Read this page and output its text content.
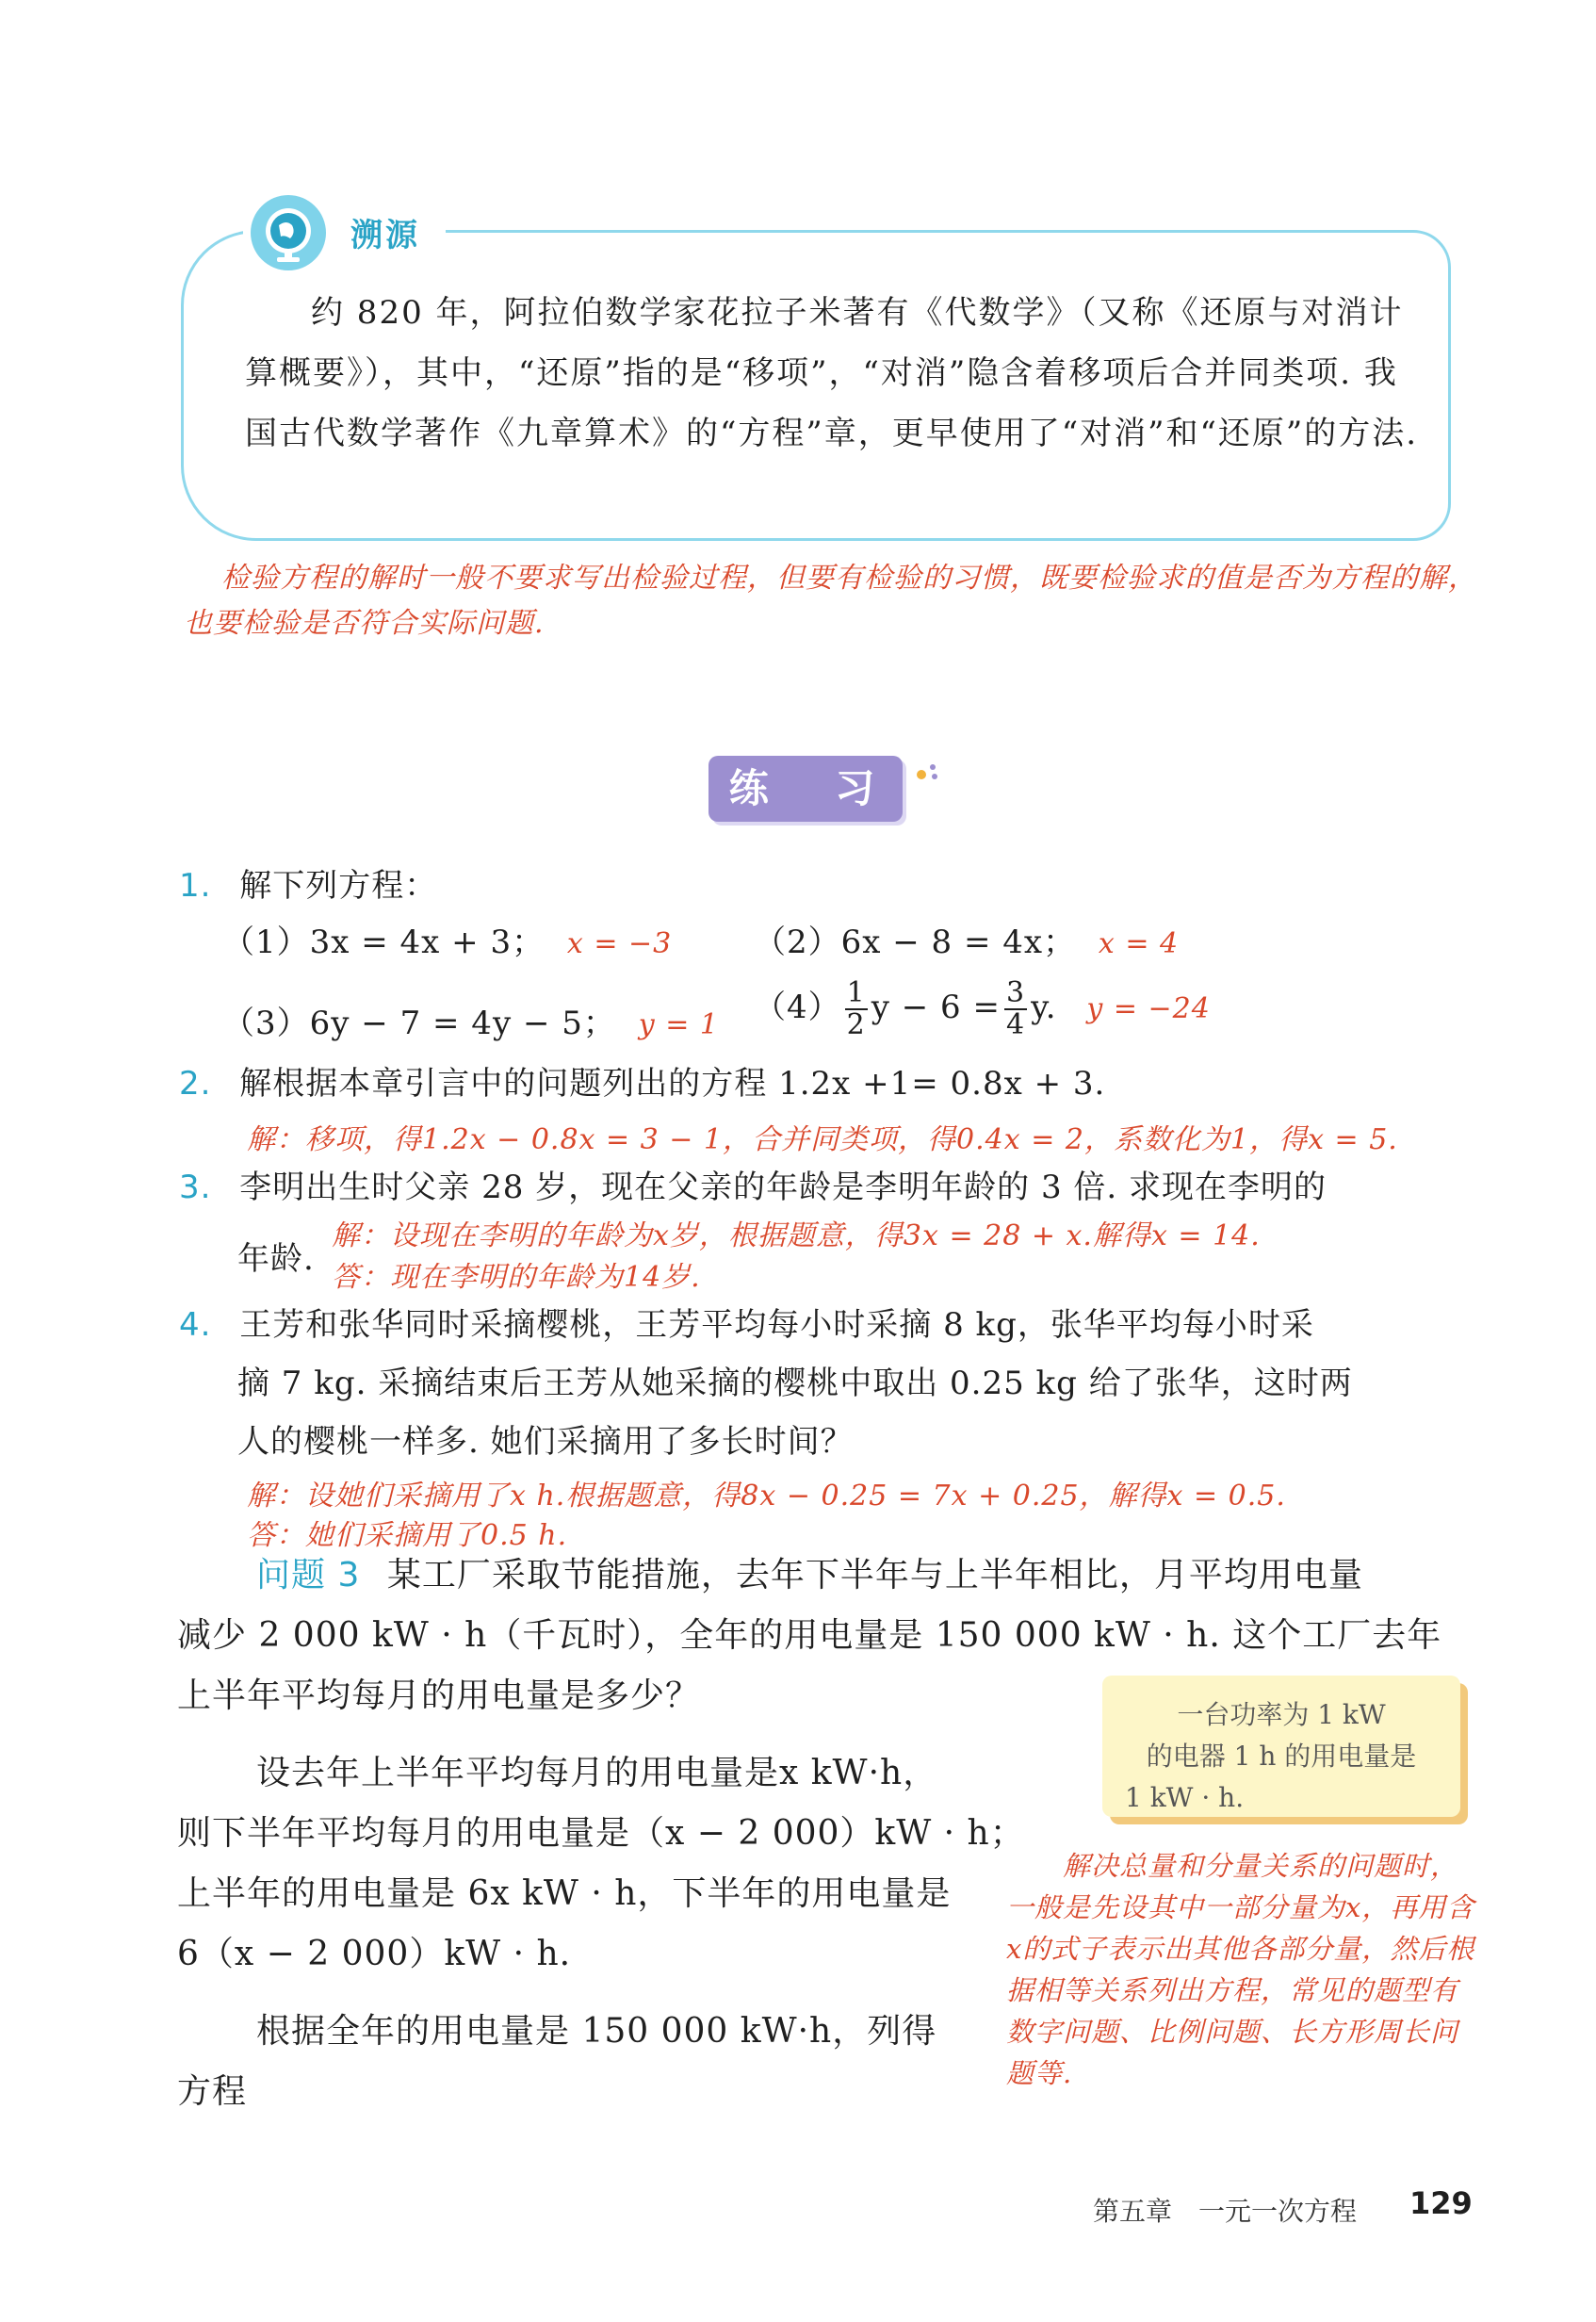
溯源
约 820 年，阿拉伯数学家花拉子米著有《代数学》（又称《还原与对消计算概要》），其中，“还原”指的是“移项”，“对消”隐含着移项后合并同类项. 我国古代数学著作《九章算术》的“方程”章，更早使用了“对消”和“还原”的方法.
检验方程的解时一般不要求写出检验过程，但要有检验的习惯，既要检验求的值是否为方程的解，也要检验是否符合实际问题.
练 习
1. 解下列方程：
（1）3x = 4x + 3； x = −3	（2）6x − 8 = 4x； x = 4
（3）6y − 7 = 4y − 5； y = 1 $(4) \frac{1}{2}$ $y - 6 = \frac{3}{4} y$. y = −24
2. 解根据本章引言中的问题列出的方程 1.2x +1= 0.8x + 3.
解：移项，得1.2x − 0.8x = 3 − 1，合并同类项，得0.4x = 2，系数化为1，得x = 5.
3. 李明出生时父亲 28 岁，现在父亲的年龄是李明年龄的 3 倍. 求现在李明的
年龄.
解：设现在李明的年龄为x岁，根据题意，得3x = 28 + x.解得x = 14.
答：现在李明的年龄为14岁.
4. 王芳和张华同时采摘樱桃，王芳平均每小时采摘 8 kg，张华平均每小时采
摘 7 kg. 采摘结束后王芳从她采摘的樱桃中取出 0.25 kg 给了张华，这时两
人的樱桃一样多. 她们采摘用了多长时间？
解：设她们采摘用了x h.根据题意，得8x − 0.25 = 7x + 0.25，解得x = 0.5.
答：她们采摘用了0.5 h.
问题 3 某工厂采取节能措施，去年下半年与上半年相比，月平均用电量
减少 2 000 kW · h（千瓦时），全年的用电量是 150 000 kW · h. 这个工厂去年
上半年平均每月的用电量是多少？
设去年上半年平均每月的用电量是x kW·h，
则下半年平均每月的用电量是（x − 2 000）kW · h；
上半年的用电量是 6x kW · h，下半年的用电量是
6（x − 2 000）kW · h.
根据全年的用电量是 150 000 kW·h，列得
方程
一台功率为 1 kW
的电器 1 h 的用电量是
1 kW · h.
解决总量和分量关系的问题时，一般是先设其中一部分量为x，再用含x的式子表示出其他各部分量，然后根据相等关系列出方程，常见的题型有数字问题、比例问题、长方形周长问题等.
第五章　一元一次方程 129
